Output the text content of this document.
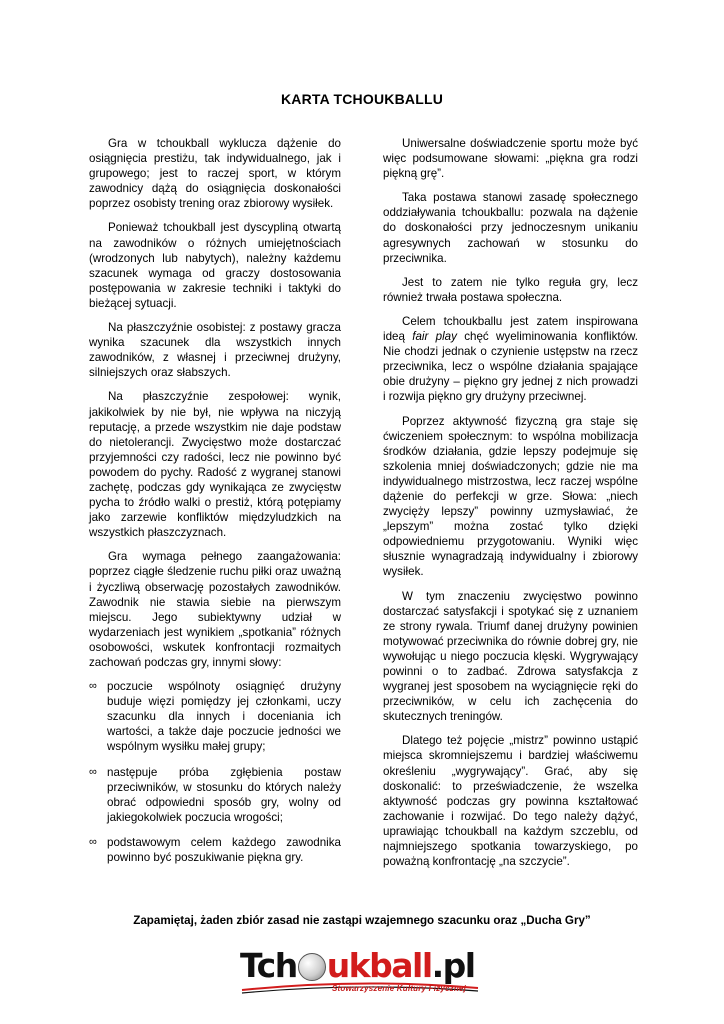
KARTA TCHOUKBALLU

Gra w tchoukball wyklucza dążenie do osiągnięcia prestiżu, tak indywidualnego, jak i grupowego; jest to raczej sport, w którym zawodnicy dążą do osiągnięcia doskonałości poprzez osobisty trening oraz zbiorowy wysiłek.

Ponieważ tchoukball jest dyscypliną otwartą na zawodników o różnych umiejętnościach (wrodzonych lub nabytych), należny każdemu szacunek wymaga od graczy dostosowania postępowania w zakresie techniki i taktyki do bieżącej sytuacji.

Na płaszczyźnie osobistej: z postawy gracza wynika szacunek dla wszystkich innych zawodników, z własnej i przeciwnej drużyny, silniejszych oraz słabszych.

Na płaszczyźnie zespołowej: wynik, jakikolwiek by nie był, nie wpływa na niczyją reputację, a przede wszystkim nie daje podstaw do nietolerancji. Zwycięstwo może dostarczać przyjemności czy radości, lecz nie powinno być powodem do pychy. Radość z wygranej stanowi zachętę, podczas gdy wynikająca ze zwycięstw pycha to źródło walki o prestiż, którą potępiamy jako zarzewie konfliktów międzyludzkich na wszystkich płaszczyznach.

Gra wymaga pełnego zaangażowania: poprzez ciągłe śledzenie ruchu piłki oraz uważną i życzliwą obserwację pozostałych zawodników. Zawodnik nie stawia siebie na pierwszym miejscu. Jego subiektywny udział w wydarzeniach jest wynikiem „spotkania” różnych osobowości, wskutek konfrontacji rozmaitych zachowań podczas gry, innymi słowy:

∞ poczucie wspólnoty osiągnięć drużyny buduje więzi pomiędzy jej członkami, uczy szacunku dla innych i doceniania ich wartości, a także daje poczucie jedności we wspólnym wysiłku małej grupy;
∞ następuje próba zgłębienia postaw przeciwników, w stosunku do których należy obrać odpowiedni sposób gry, wolny od jakiegokolwiek poczucia wrogości;
∞ podstawowym celem każdego zawodnika powinno być poszukiwanie piękna gry.

Uniwersalne doświadczenie sportu może być więc podsumowane słowami: „piękna gra rodzi piękną grę”.

Taka postawa stanowi zasadę społecznego oddziaływania tchoukballu: pozwala na dążenie do doskonałości przy jednoczesnym unikaniu agresywnych zachowań w stosunku do przeciwnika.

Jest to zatem nie tylko reguła gry, lecz również trwała postawa społeczna.

Celem tchoukballu jest zatem inspirowana ideą fair play chęć wyeliminowania konfliktów. Nie chodzi jednak o czynienie ustępstw na rzecz przeciwnika, lecz o wspólne działania spajające obie drużyny – piękno gry jednej z nich prowadzi i rozwija piękno gry drużyny przeciwnej.

Poprzez aktywność fizyczną gra staje się ćwiczeniem społecznym: to wspólna mobilizacja środków działania, gdzie lepszy podejmuje się szkolenia mniej doświadczonych; gdzie nie ma indywidualnego mistrzostwa, lecz raczej wspólne dążenie do perfekcji w grze. Słowa: „niech zwycięży lepszy” powinny uzmysławiać, że „lepszym” można zostać tylko dzięki odpowiedniemu przygotowaniu. Wyniki więc słusznie wynagradzają indywidualny i zbiorowy wysiłek.

W tym znaczeniu zwycięstwo powinno dostarczać satysfakcji i spotykać się z uznaniem ze strony rywala. Triumf danej drużyny powinien motywować przeciwnika do równie dobrej gry, nie wywołując u niego poczucia klęski. Wygrywający powinni o to zadbać. Zdrowa satysfakcja z wygranej jest sposobem na wyciągnięcie ręki do przeciwników, w celu ich zachęcenia do skutecznych treningów.

Dlatego też pojęcie „mistrz” powinno ustąpić miejsca skromniejszemu i bardziej właściwemu określeniu „wygrywający”. Grać, aby się doskonalić: to przeświadczenie, że wszelka aktywność podczas gry powinna kształtować zachowanie i rozwijać. Do tego należy dążyć, uprawiając tchoukball na każdym szczeblu, od najmniejszego spotkania towarzyskiego, po poważną konfrontację „na szczycie”.

Zapamiętaj, żaden zbiór zasad nie zastąpi wzajemnego szacunku oraz „Ducha Gry”
Tch ukball.pl
Stowarzyszenie Kultury Fizycznej
